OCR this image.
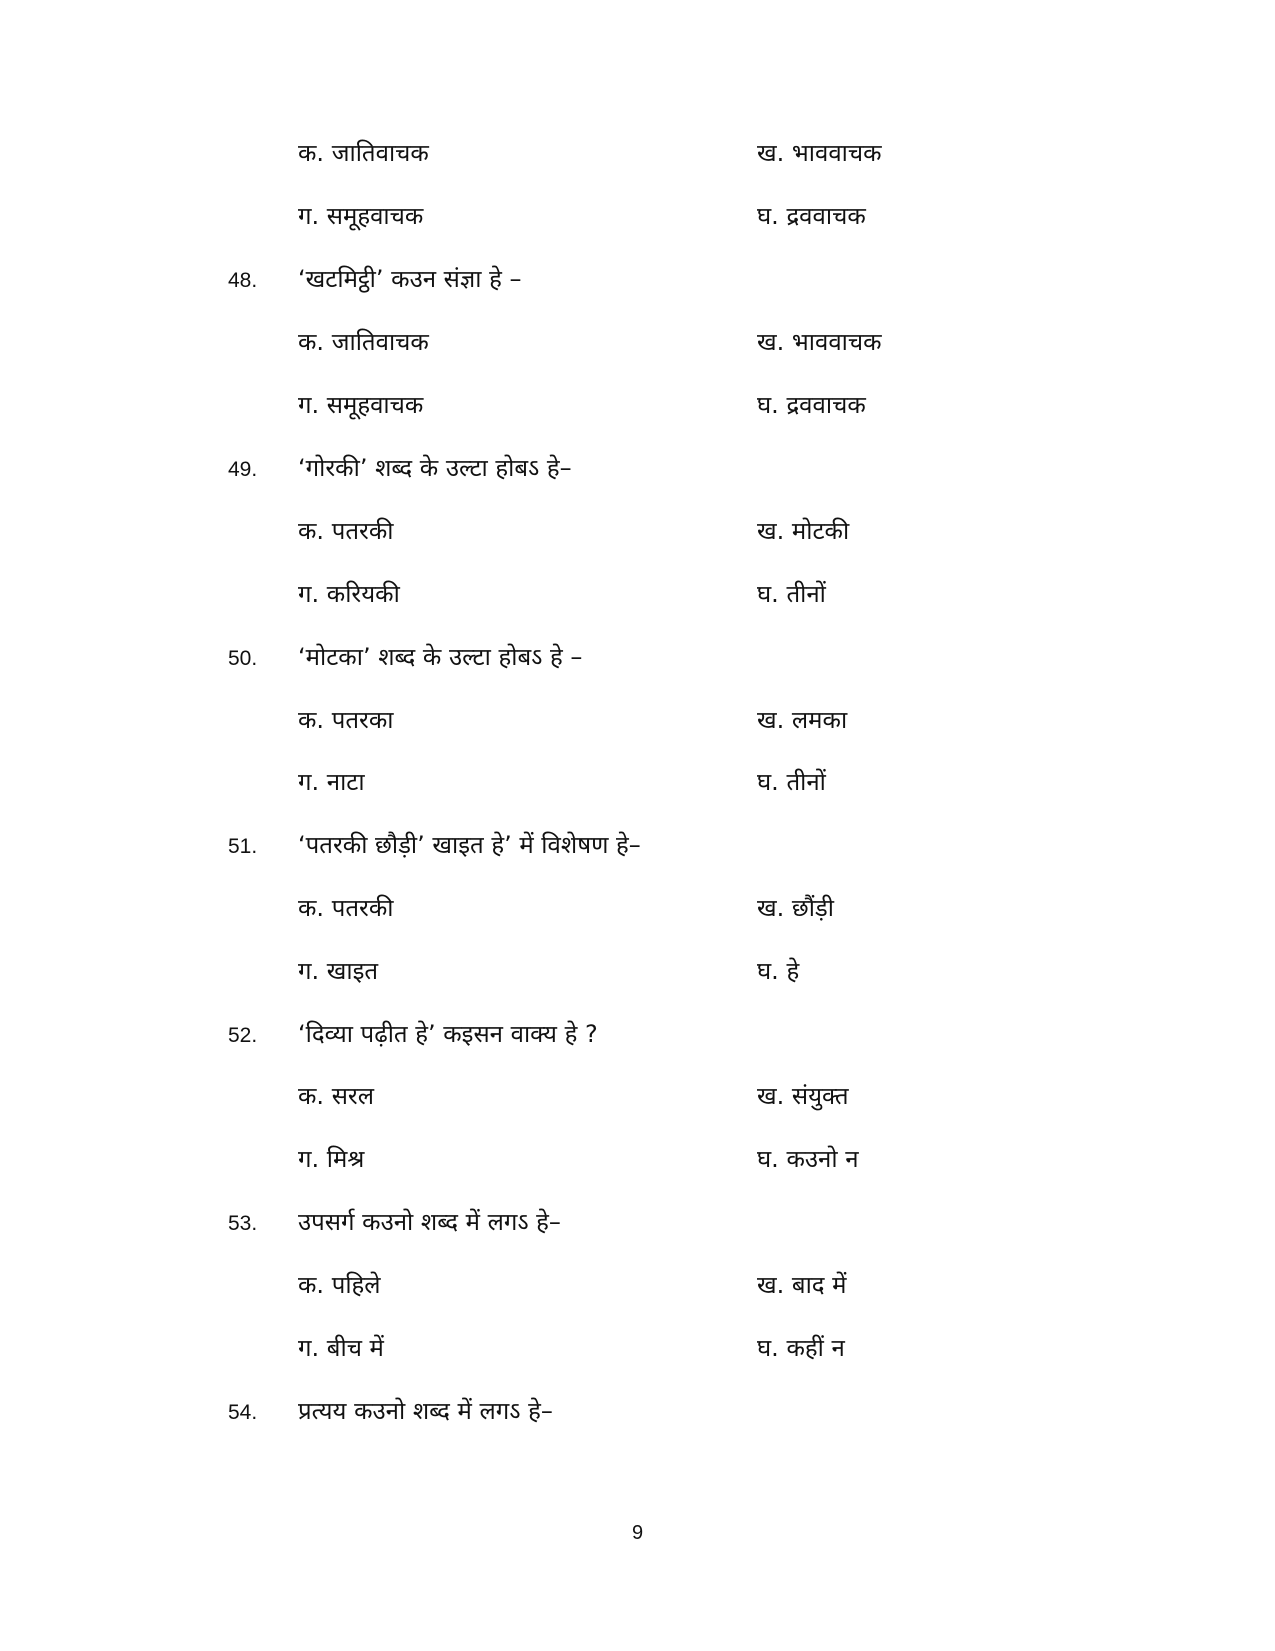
क. जातिवाचक	ख. भाववाचक
ग. समूहवाचक	घ. द्रववाचक
48. ‘खटमिट्ठी’ कउन संज्ञा हे –
क. जातिवाचक	ख. भाववाचक
ग. समूहवाचक	घ. द्रववाचक
49. ‘गोरकी’ शब्द के उल्टा होबऽ हे–
क. पतरकी	ख. मोटकी
ग. करियकी	घ. तीनों
50. ‘मोटका’ शब्द के उल्टा होबऽ हे –
क. पतरका	ख. लमका
ग. नाटा	घ. तीनों
51. ‘पतरकी छौड़ी’ खाइत हे’ में विशेषण हे–
क. पतरकी	ख. छौंड़ी
ग. खाइत	घ. हे
52. ‘दिव्या पढ़ीत हे’ कइसन वाक्य हे ?
क. सरल	ख. संयुक्त
ग. मिश्र	घ. कउनो न
53. उपसर्ग कउनो शब्द में लगऽ हे–
क. पहिले	ख. बाद में
ग. बीच में	घ. कहीं न
54. प्रत्यय कउनो शब्द में लगऽ हे–
9
